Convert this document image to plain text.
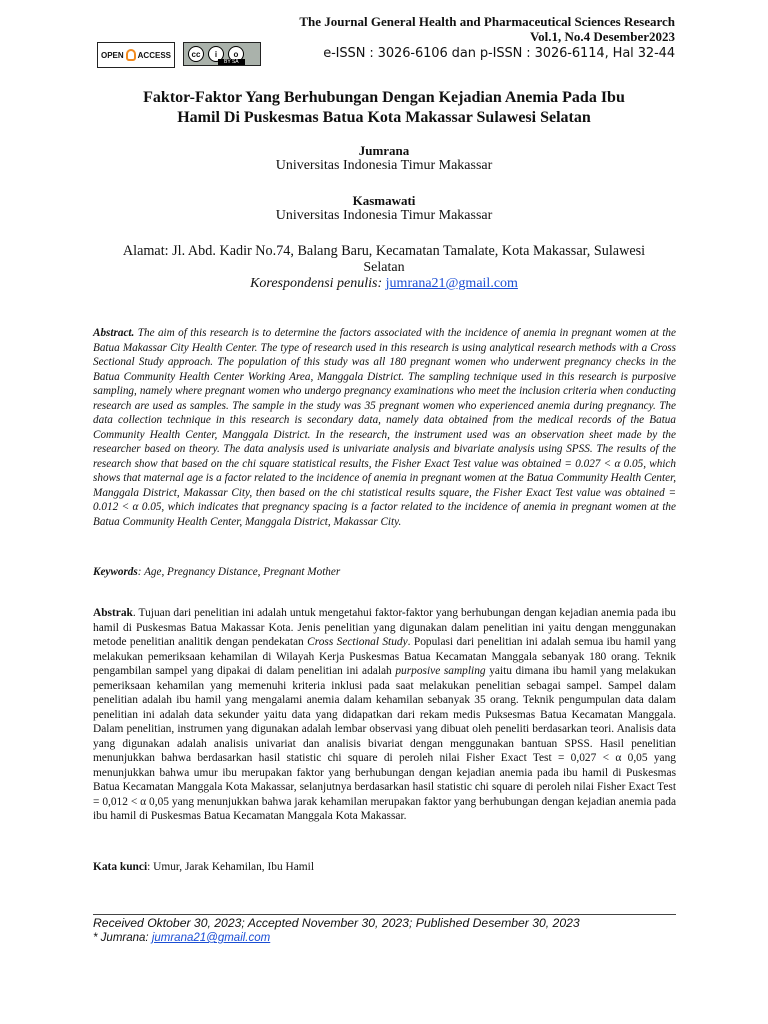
The Journal General Health and Pharmaceutical Sciences Research
Vol.1, No.4 Desember2023
e-ISSN : 3026-6106 dan p-ISSN : 3026-6114, Hal 32-44
OPEN ACCESS	cc	i	o
BY SA
Faktor-Faktor Yang Berhubungan Dengan Kejadian Anemia Pada Ibu
Hamil Di Puskesmas Batua Kota Makassar Sulawesi Selatan
Jumrana
Universitas Indonesia Timur Makassar
Kasmawati
Universitas Indonesia Timur Makassar
Alamat: Jl. Abd. Kadir No.74, Balang Baru, Kecamatan Tamalate, Kota Makassar, Sulawesi
Selatan
Korespondensi penulis: jumrana21@gmail.com
Abstract. The aim of this research is to determine the factors associated with the incidence of anemia in pregnant women at the Batua Makassar City Health Center. The type of research used in this research is using analytical research methods with a Cross Sectional Study approach. The population of this study was all 180 pregnant women who underwent pregnancy checks in the Batua Community Health Center Working Area, Manggala District. The sampling technique used in this research is purposive sampling, namely where pregnant women who undergo pregnancy examinations who meet the inclusion criteria when conducting research are used as samples. The sample in the study was 35 pregnant women who experienced anemia during pregnancy. The data collection technique in this research is secondary data, namely data obtained from the medical records of the Batua Community Health Center, Manggala District. In the research, the instrument used was an observation sheet made by the researcher based on theory. The data analysis used is univariate analysis and bivariate analysis using SPSS. The results of the research show that based on the chi square statistical results, the Fisher Exact Test value was obtained = 0.027 < α 0.05, which shows that maternal age is a factor related to the incidence of anemia in pregnant women at the Batua Community Health Center, Manggala District, Makassar City, then based on the chi statistical results square, the Fisher Exact Test value was obtained = 0.012 < α 0.05, which indicates that pregnancy spacing is a factor related to the incidence of anemia in pregnant women at the Batua Community Health Center, Manggala District, Makassar City.
Keywords: Age, Pregnancy Distance, Pregnant Mother
Abstrak. Tujuan dari penelitian ini adalah untuk mengetahui faktor-faktor yang berhubungan dengan kejadian anemia pada ibu hamil di Puskesmas Batua Makassar Kota. Jenis penelitian yang digunakan dalam penelitian ini yaitu dengan menggunakan metode penelitian analitik dengan pendekatan Cross Sectional Study. Populasi dari penelitian ini adalah semua ibu hamil yang melakukan pemeriksaan kehamilan di Wilayah Kerja Puskesmas Batua Kecamatan Manggala sebanyak 180 orang. Teknik pengambilan sampel yang dipakai di dalam penelitian ini adalah purposive sampling yaitu dimana ibu hamil yang melakukan pemeriksaan kehamilan yang memenuhi kriteria inklusi pada saat melakukan penelitian sebagai sampel. Sampel dalam penelitian adalah ibu hamil yang mengalami anemia dalam kehamilan sebanyak 35 orang. Teknik pengumpulan data dalam penelitian ini adalah data sekunder yaitu data yang didapatkan dari rekam medis Puksesmas Batua Kecamatan Manggala. Dalam penelitian, instrumen yang digunakan adalah lembar observasi yang dibuat oleh peneliti berdasarkan teori. Analisis data yang digunakan adalah analisis univariat dan analisis bivariat dengan menggunakan bantuan SPSS. Hasil penelitian menunjukkan bahwa berdasarkan hasil statistic chi square di peroleh nilai Fisher Exact Test = 0,027 < α 0,05 yang menunjukkan bahwa umur ibu merupakan faktor yang berhubungan dengan kejadian anemia pada ibu hamil di Puskesmas Batua Kecamatan Manggala Kota Makassar, selanjutnya berdasarkan hasil statistic chi square di peroleh nilai Fisher Exact Test = 0,012 < α 0,05 yang menunjukkan bahwa jarak kehamilan merupakan faktor yang berhubungan dengan kejadian anemia pada ibu hamil di Puskesmas Batua Kecamatan Manggala Kota Makassar.
Kata kunci: Umur, Jarak Kehamilan, Ibu Hamil
Received Oktober 30, 2023; Accepted November 30, 2023; Published Desember 30, 2023
* Jumrana: jumrana21@gmail.com
